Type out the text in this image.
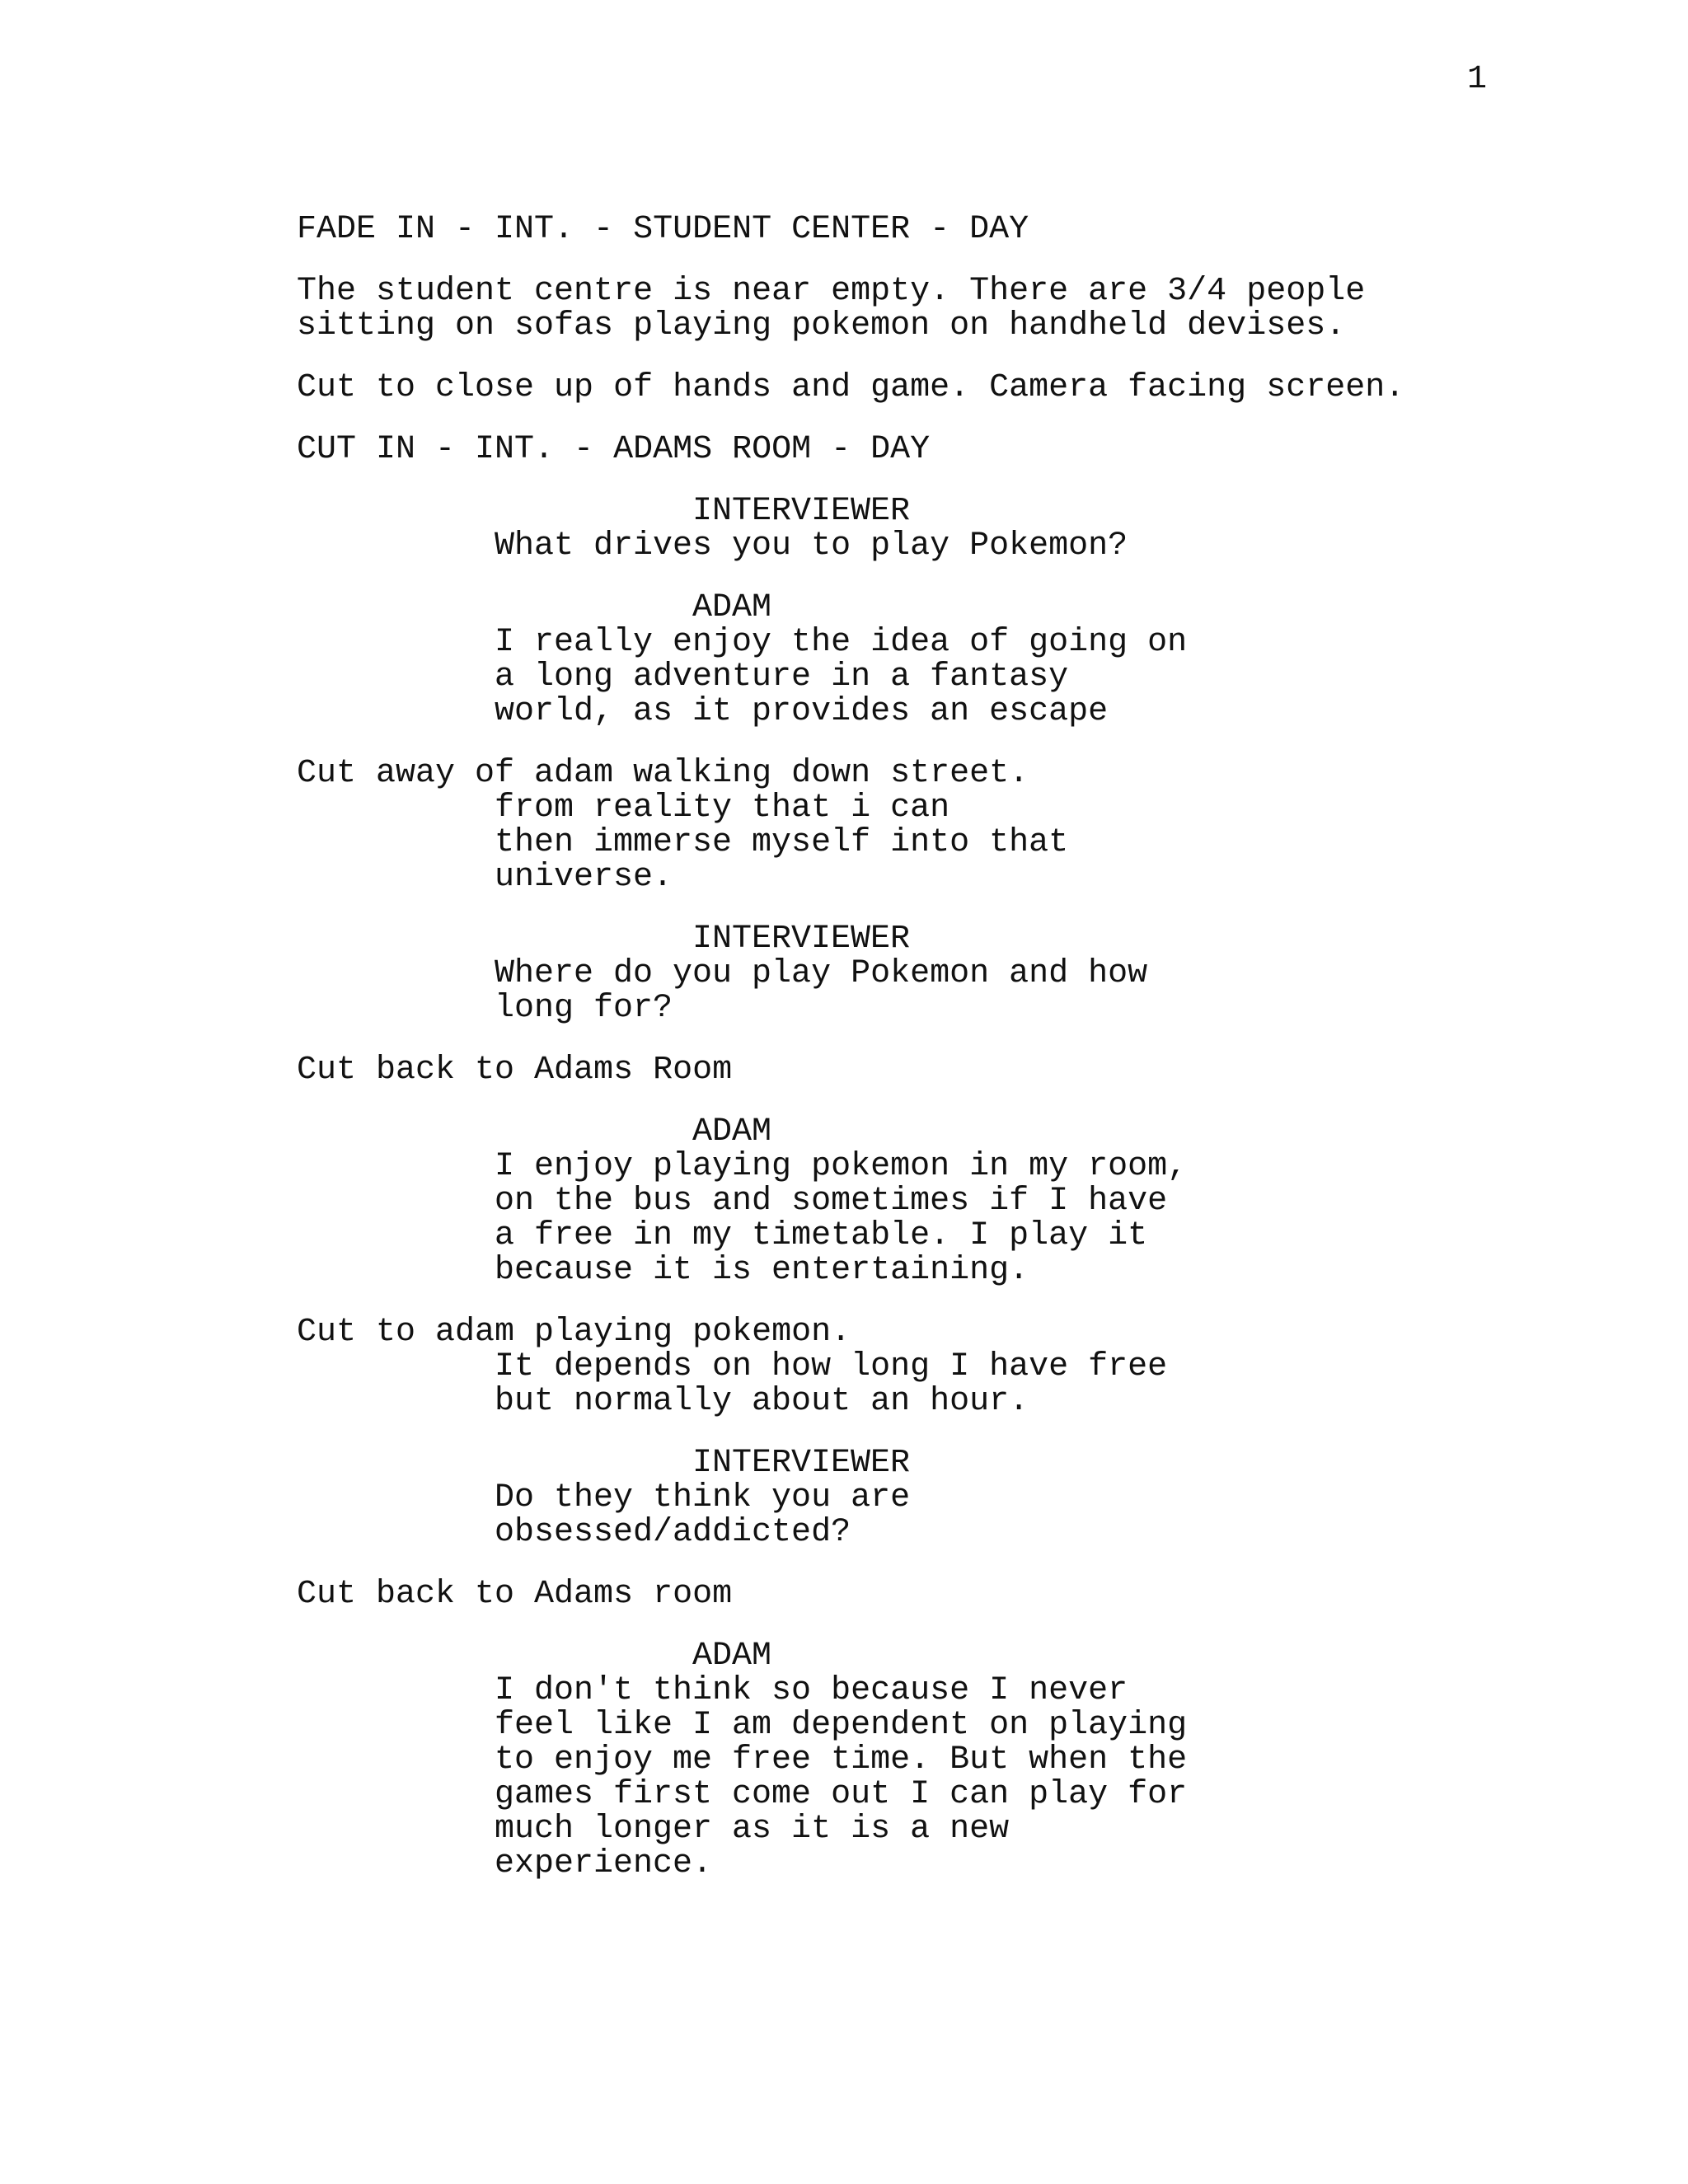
1
FADE IN - INT. - STUDENT CENTER - DAY
The student centre is near empty. There are 3/4 people
sitting on sofas playing pokemon on handheld devises.
Cut to close up of hands and game. Camera facing screen.
CUT IN - INT. - ADAMS ROOM - DAY
INTERVIEWER
What drives you to play Pokemon?
ADAM
I really enjoy the idea of going on
a long adventure in a fantasy
world, as it provides an escape
Cut away of adam walking down street.
from reality that i can
then immerse myself into that
universe.
INTERVIEWER
Where do you play Pokemon and how
long for?
Cut back to Adams Room
ADAM
I enjoy playing pokemon in my room,
on the bus and sometimes if I have
a free in my timetable. I play it
because it is entertaining.
Cut to adam playing pokemon.
It depends on how long I have free
but normally about an hour.
INTERVIEWER
Do they think you are
obsessed/addicted?
Cut back to Adams room
ADAM
I don't think so because I never
feel like I am dependent on playing
to enjoy me free time. But when the
games first come out I can play for
much longer as it is a new
experience.
